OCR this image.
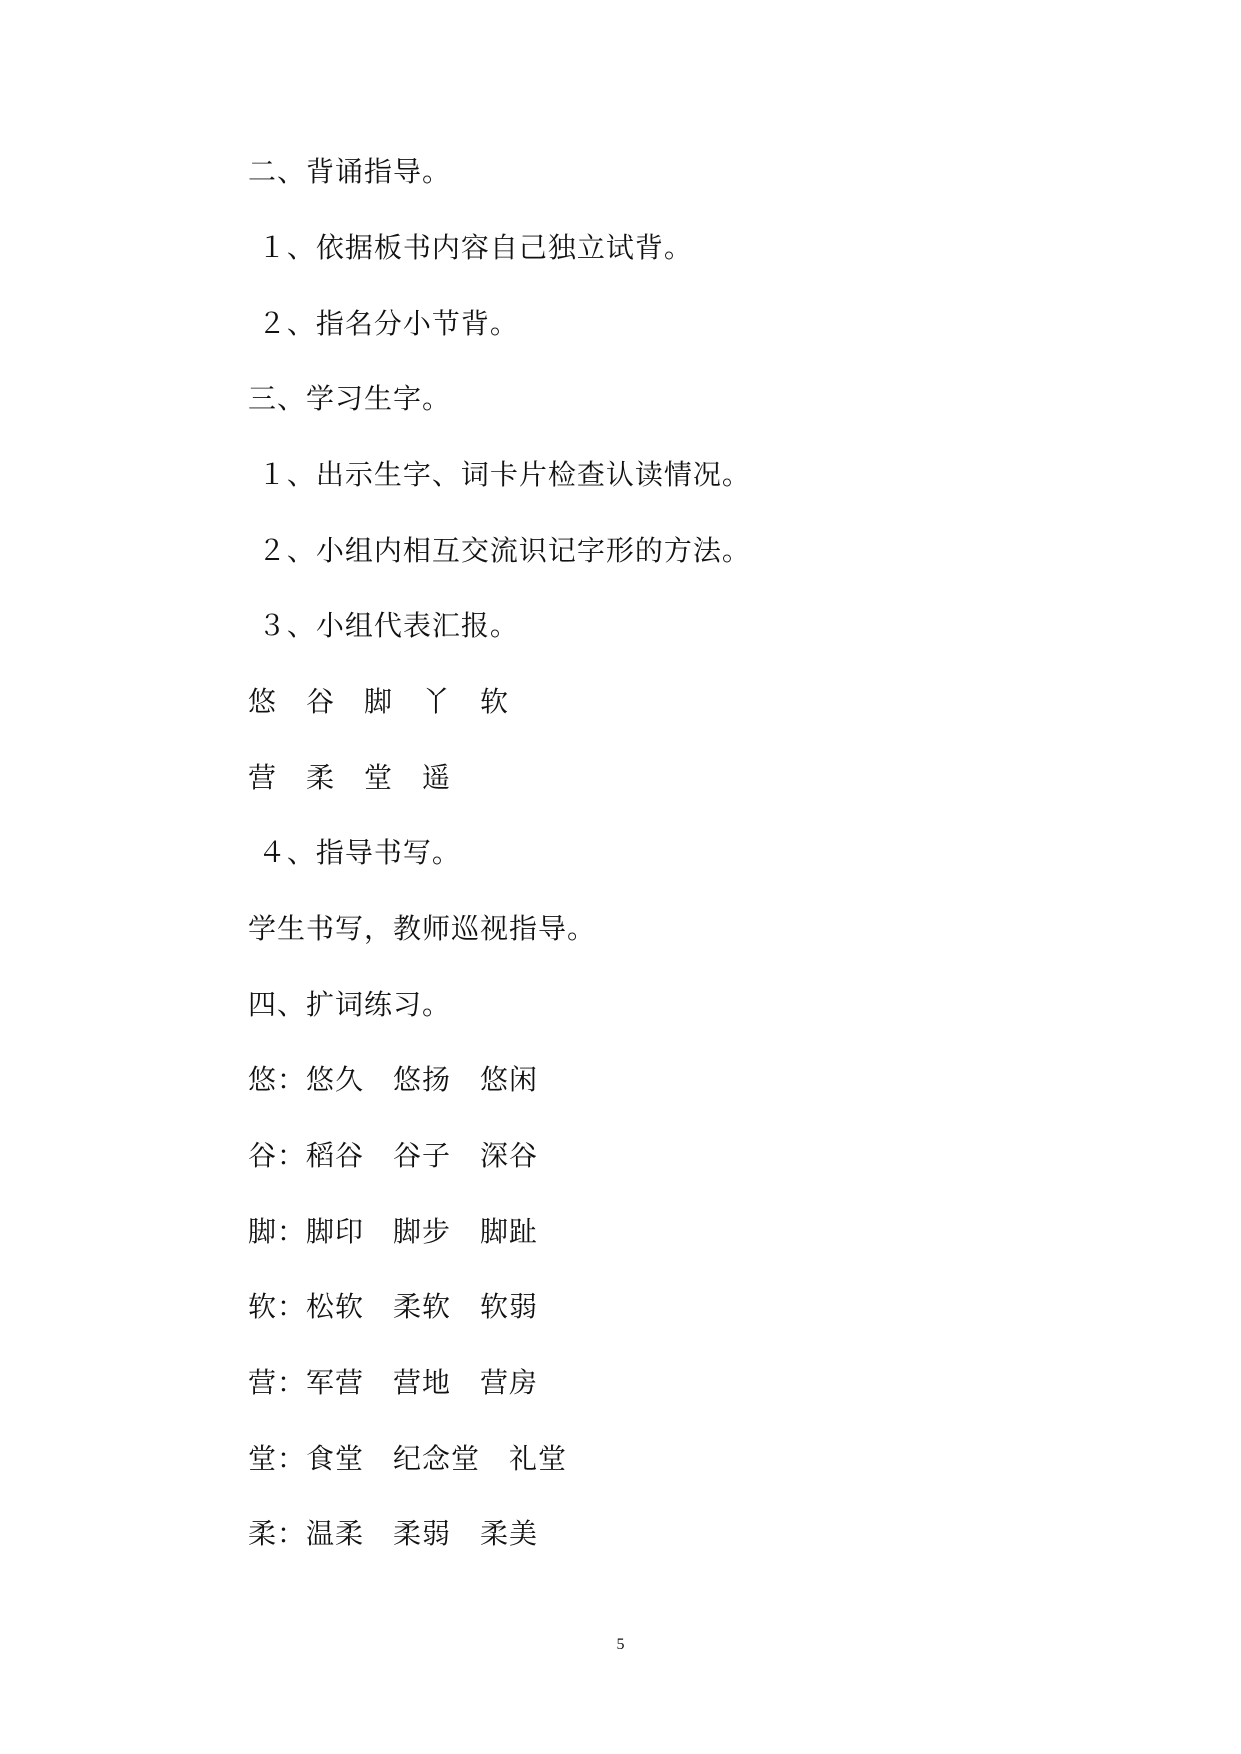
二、背诵指导。
１、依据板书内容自己独立试背。
２、指名分小节背。
三、学习生字。
１、出示生字、词卡片检查认读情况。
２、小组内相互交流识记字形的方法。
３、小组代表汇报。
悠　谷　脚　丫　软
营　柔　堂　遥
４、指导书写。
学生书写，教师巡视指导。
四、扩词练习。
悠：悠久　悠扬　悠闲
谷：稻谷　谷子　深谷
脚：脚印　脚步　脚趾
软：松软　柔软　软弱
营：军营　营地　营房
堂：食堂　纪念堂　礼堂
柔：温柔　柔弱　柔美
5
